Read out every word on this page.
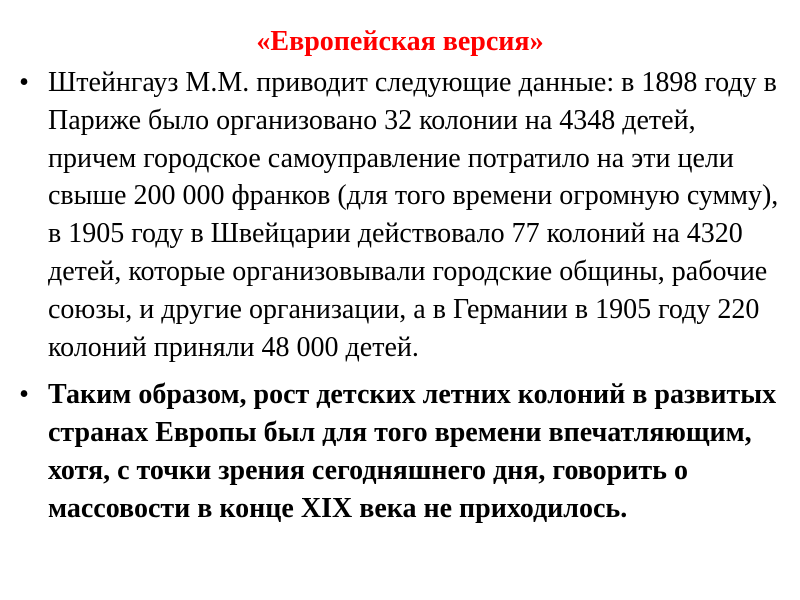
«Европейская версия»
• Штейнгауз М.М. приводит следующие данные: в 1898 году в Париже было организовано 32 колонии на 4348 детей, причем городское самоуправление потратило на эти цели свыше 200 000 франков (для того времени огромную сумму), в 1905 году в Швейцарии действовало 77 колоний на 4320 детей, которые организовывали городские общины, рабочие союзы, и другие организации, а в Германии в 1905 году 220 колоний приняли 48 000 детей.
• Таким образом, рост детских летних колоний в развитых странах Европы был для того времени впечатляющим, хотя, с точки зрения сегодняшнего дня, говорить о массовости в конце XIX века не приходилось.
